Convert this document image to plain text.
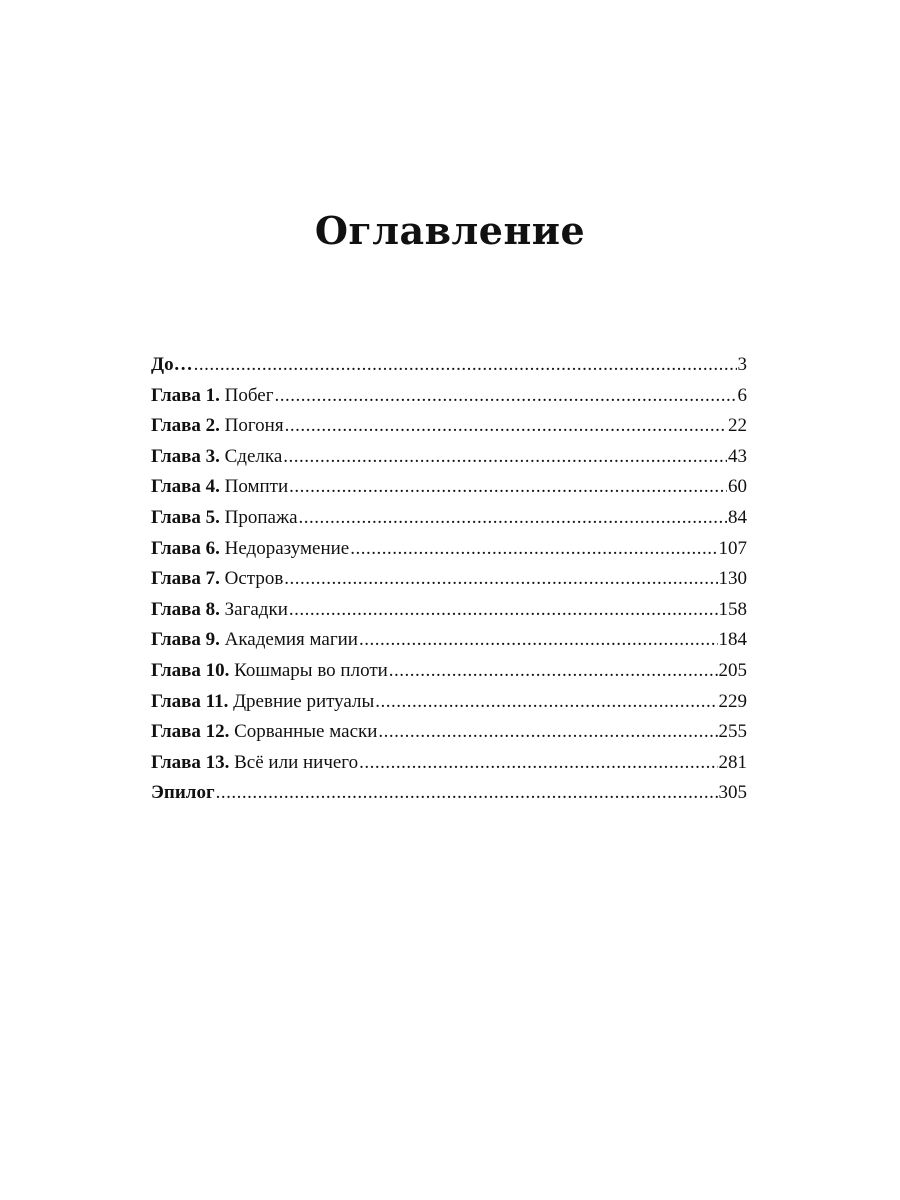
Оглавление
До… .....	3
Глава 1. Побег .....	6
Глава 2. Погоня .....	22
Глава 3. Сделка .....	43
Глава 4. Помпти .....	60
Глава 5. Пропажа .....	84
Глава 6. Недоразумение .....	107
Глава 7. Остров .....	130
Глава 8. Загадки .....	158
Глава 9. Академия магии .....	184
Глава 10. Кошмары во плоти .....	205
Глава 11. Древние ритуалы .....	229
Глава 12. Сорванные маски .....	255
Глава 13. Всё или ничего .....	281
Эпилог .....	305
